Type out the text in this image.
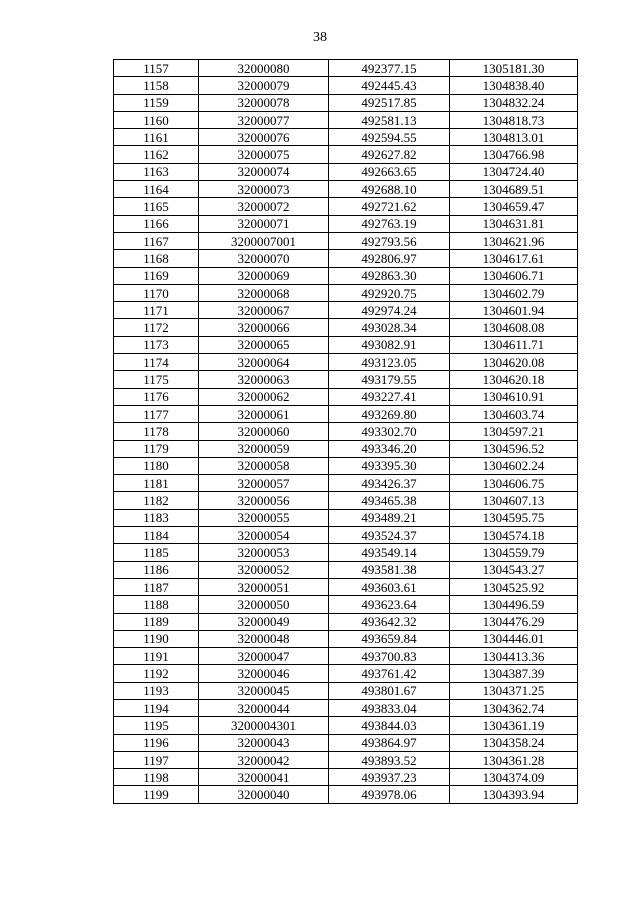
38
1157	32000080	492377.15	1305181.30
1158	32000079	492445.43	1304838.40
1159	32000078	492517.85	1304832.24
1160	32000077	492581.13	1304818.73
1161	32000076	492594.55	1304813.01
1162	32000075	492627.82	1304766.98
1163	32000074	492663.65	1304724.40
1164	32000073	492688.10	1304689.51
1165	32000072	492721.62	1304659.47
1166	32000071	492763.19	1304631.81
1167	3200007001	492793.56	1304621.96
1168	32000070	492806.97	1304617.61
1169	32000069	492863.30	1304606.71
1170	32000068	492920.75	1304602.79
1171	32000067	492974.24	1304601.94
1172	32000066	493028.34	1304608.08
1173	32000065	493082.91	1304611.71
1174	32000064	493123.05	1304620.08
1175	32000063	493179.55	1304620.18
1176	32000062	493227.41	1304610.91
1177	32000061	493269.80	1304603.74
1178	32000060	493302.70	1304597.21
1179	32000059	493346.20	1304596.52
1180	32000058	493395.30	1304602.24
1181	32000057	493426.37	1304606.75
1182	32000056	493465.38	1304607.13
1183	32000055	493489.21	1304595.75
1184	32000054	493524.37	1304574.18
1185	32000053	493549.14	1304559.79
1186	32000052	493581.38	1304543.27
1187	32000051	493603.61	1304525.92
1188	32000050	493623.64	1304496.59
1189	32000049	493642.32	1304476.29
1190	32000048	493659.84	1304446.01
1191	32000047	493700.83	1304413.36
1192	32000046	493761.42	1304387.39
1193	32000045	493801.67	1304371.25
1194	32000044	493833.04	1304362.74
1195	3200004301	493844.03	1304361.19
1196	32000043	493864.97	1304358.24
1197	32000042	493893.52	1304361.28
1198	32000041	493937.23	1304374.09
1199	32000040	493978.06	1304393.94
